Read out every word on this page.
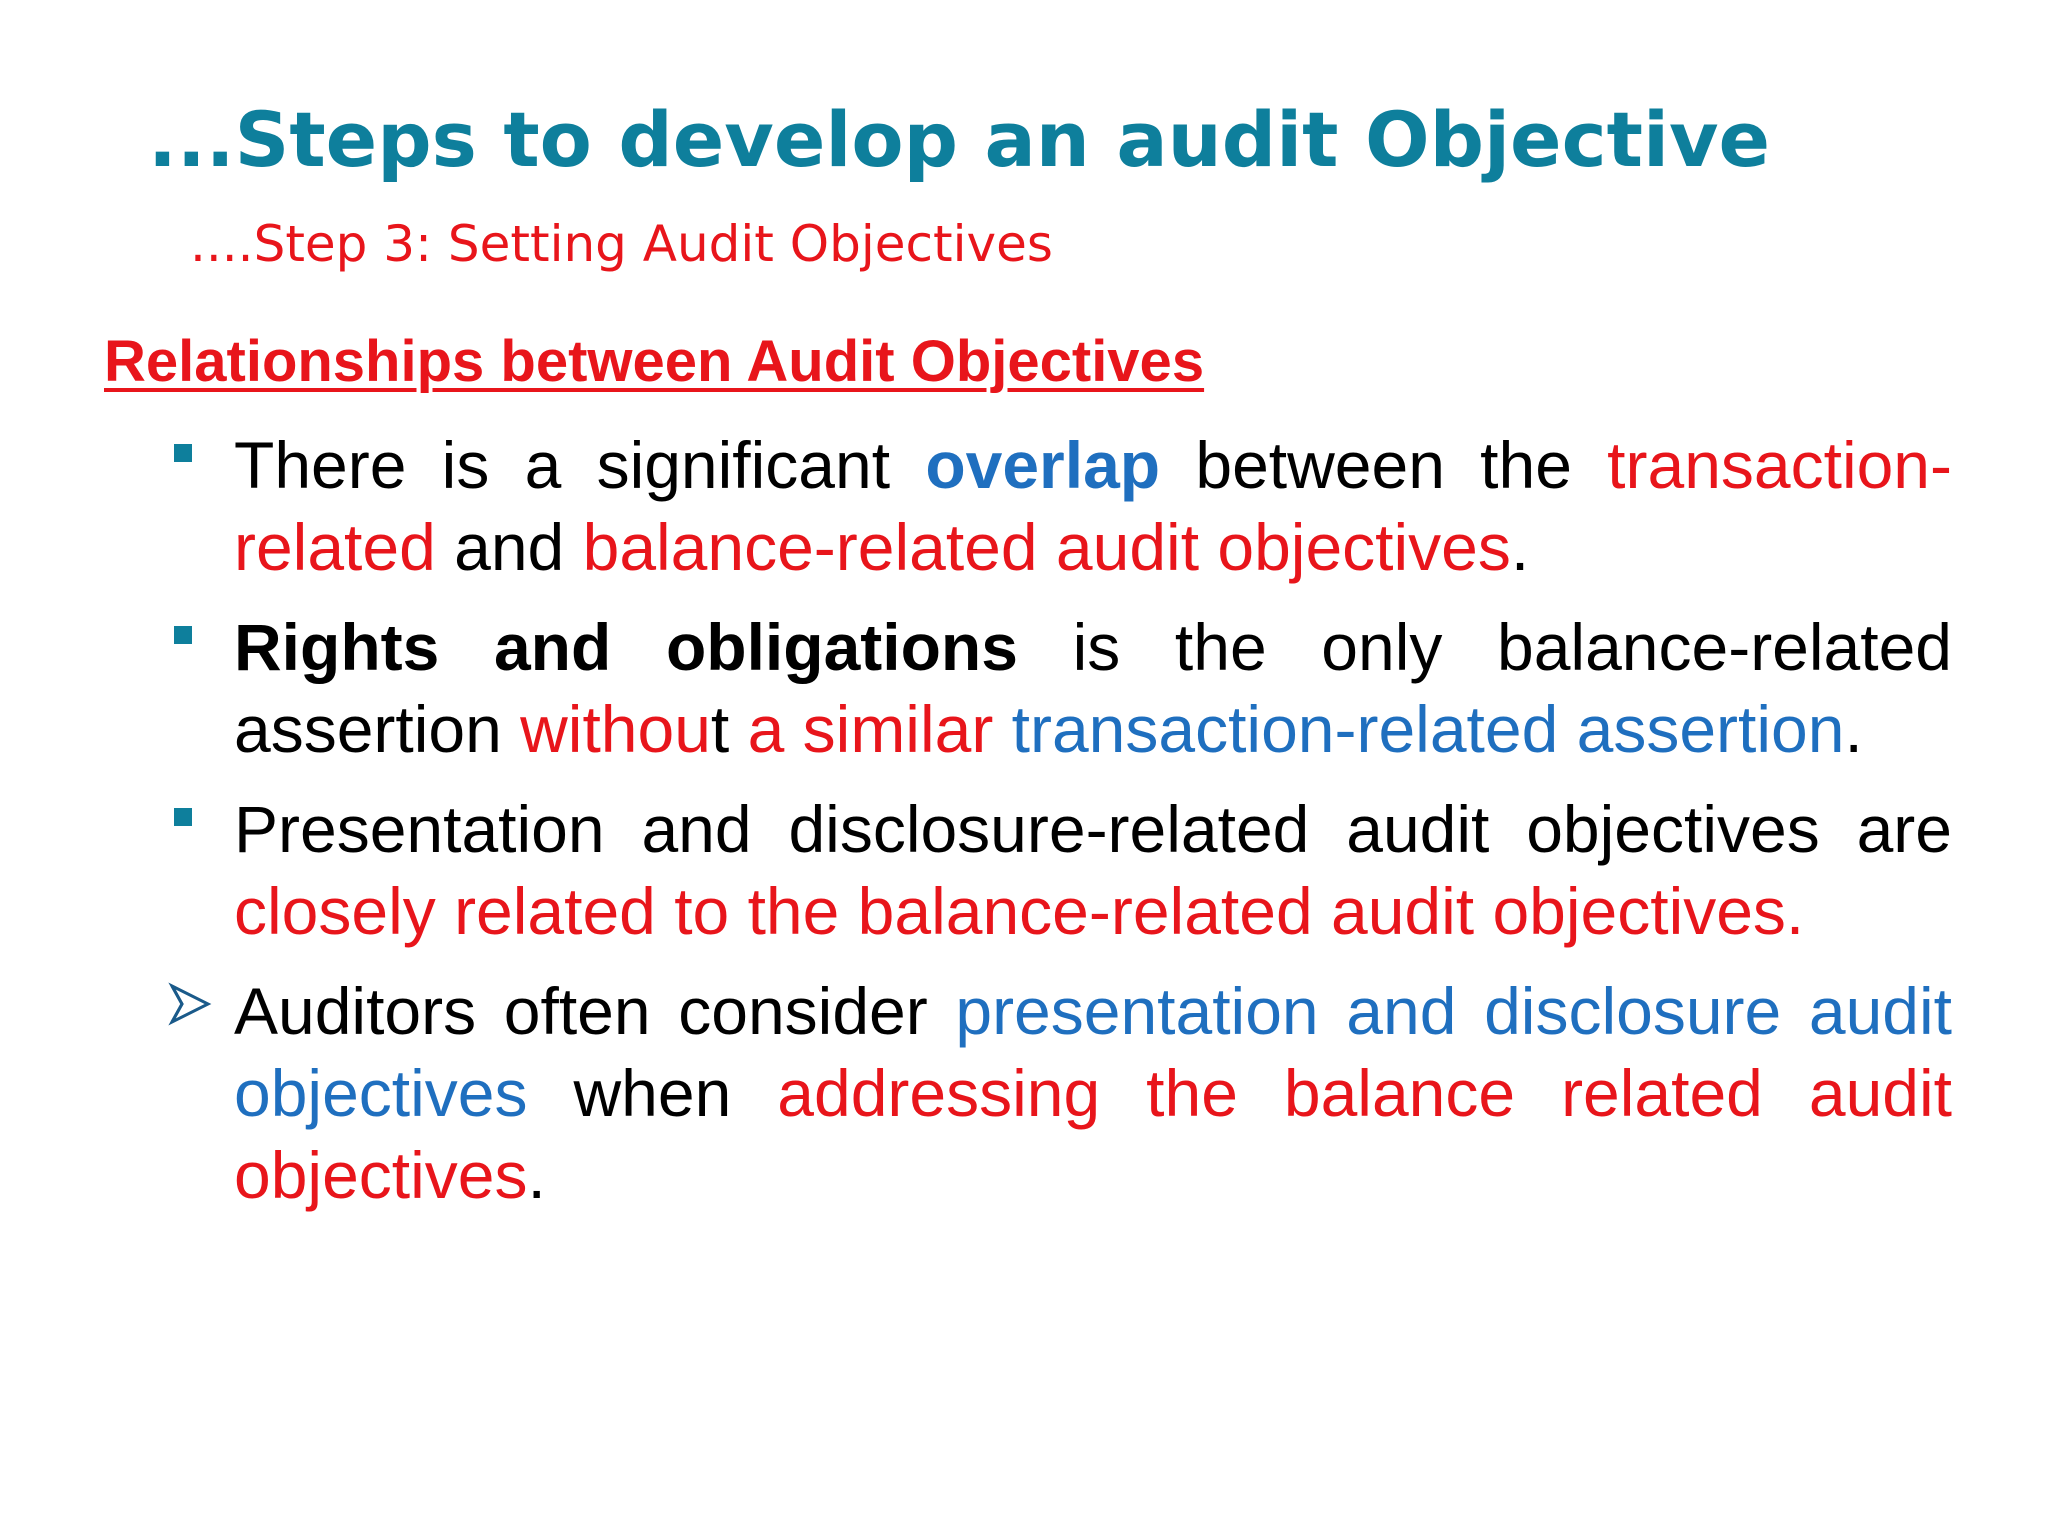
...Steps to develop an audit Objective
....Step 3: Setting Audit Objectives
Relationships between Audit Objectives
There is a significant overlap between the transaction-related and balance-related audit objectives.
Rights and obligations is the only balance-related assertion without a similar transaction-related assertion.
Presentation and disclosure-related audit objectives are closely related to the balance-related audit objectives.
Auditors often consider presentation and disclosure audit objectives when addressing the balance related audit objectives.
